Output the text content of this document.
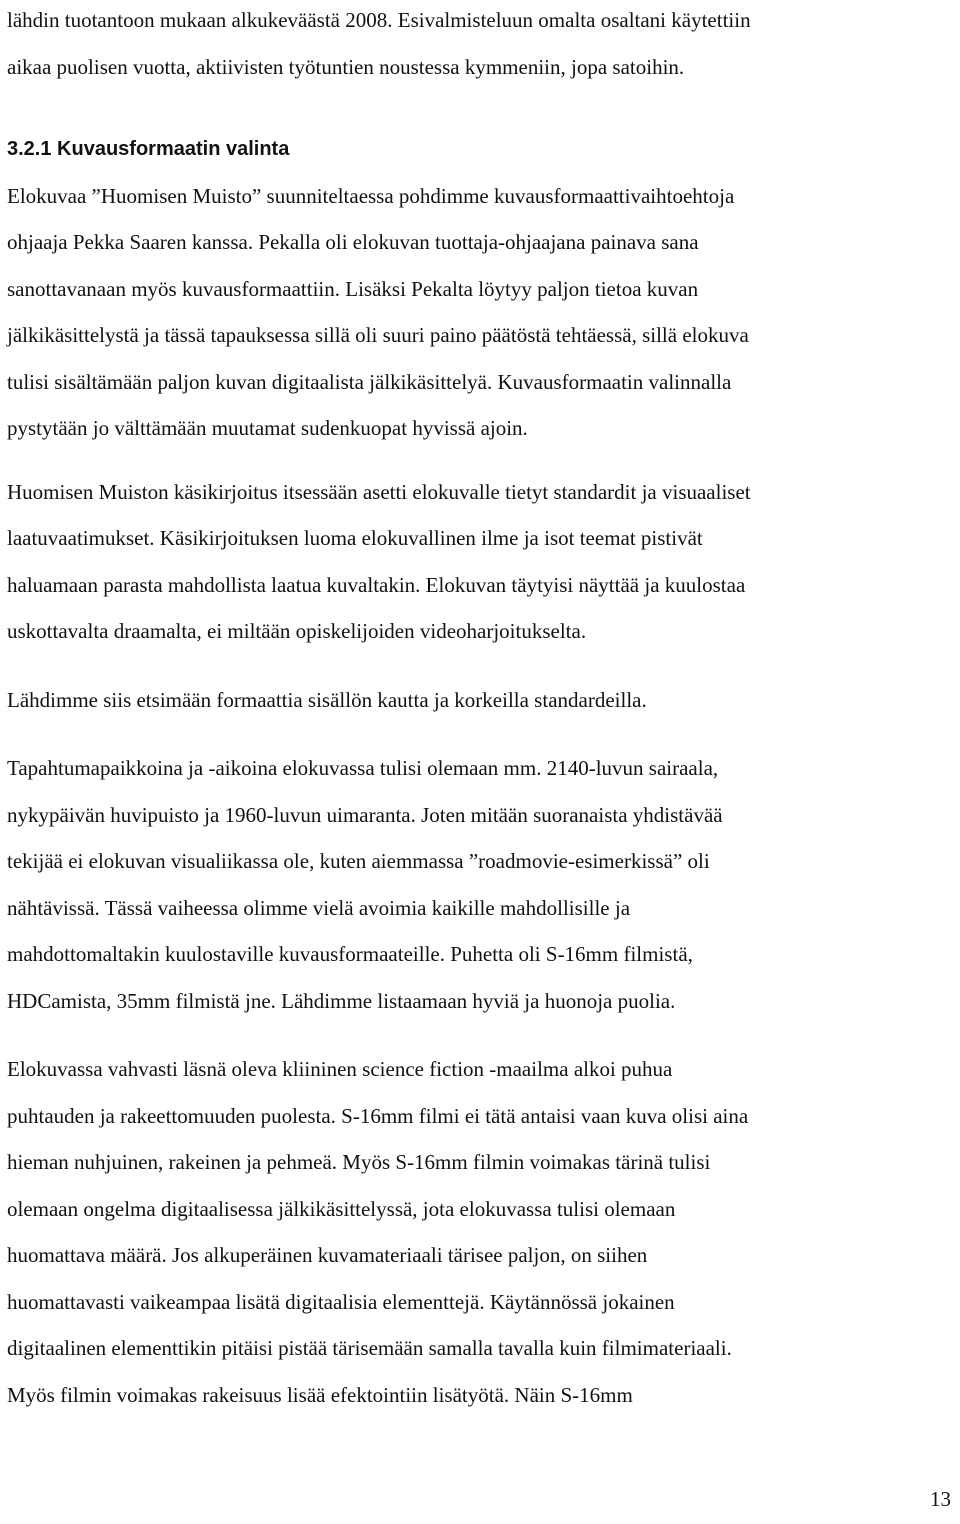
lähdin tuotantoon mukaan alkukeväästä 2008. Esivalmisteluun omalta osaltani käytettiin
aikaa puolisen vuotta, aktiivisten työtuntien noustessa kymmeniin, jopa satoihin.
3.2.1 Kuvausformaatin valinta
Elokuvaa ”Huomisen Muisto” suunniteltaessa pohdimme kuvausformaattivaihtoehtoja
ohjaaja Pekka Saaren kanssa. Pekalla oli elokuvan tuottaja-ohjaajana painava sana
sanottavanaan myös kuvausformaattiin. Lisäksi Pekalta löytyy paljon tietoa kuvan
jälkikäsittelystä ja tässä tapauksessa sillä oli suuri paino päätöstä tehtäessä, sillä elokuva
tulisi sisältämään paljon kuvan digitaalista jälkikäsittelyä. Kuvausformaatin valinnalla
pystytään jo välttämään muutamat sudenkuopat hyvissä ajoin.
Huomisen Muiston käsikirjoitus itsessään asetti elokuvalle tietyt standardit ja visuaaliset
laatuvaatimukset. Käsikirjoituksen luoma elokuvallinen ilme ja isot teemat pistivät
haluamaan parasta mahdollista laatua kuvaltakin. Elokuvan täytyisi näyttää ja kuulostaa
uskottavalta draamalta, ei miltään opiskelijoiden videoharjoitukselta.
Lähdimme siis etsimään formaattia sisällön kautta ja korkeilla standardeilla.
Tapahtumapaikkoina ja -aikoina elokuvassa tulisi olemaan mm. 2140-luvun sairaala,
nykypäivän huvipuisto ja 1960-luvun uimaranta. Joten mitään suoranaista yhdistävää
tekijää ei elokuvan visualiikassa ole, kuten aiemmassa ”roadmovie-esimerkissä” oli
nähtävissä. Tässä vaiheessa olimme vielä avoimia kaikille mahdollisille ja
mahdottomaltakin kuulostaville kuvausformaateille. Puhetta oli S-16mm filmistä,
HDCamista, 35mm filmistä jne. Lähdimme listaamaan hyviä ja huonoja puolia.
Elokuvassa vahvasti läsnä oleva kliininen science fiction -maailma alkoi puhua
puhtauden ja rakeettomuuden puolesta. S-16mm filmi ei tätä antaisi vaan kuva olisi aina
hieman nuhjuinen, rakeinen ja pehmeä. Myös S-16mm filmin voimakas tärinä tulisi
olemaan ongelma digitaalisessa jälkikäsittelyssä, jota elokuvassa tulisi olemaan
huomattava määrä. Jos alkuperäinen kuvamateriaali tärisee paljon, on siihen
huomattavasti vaikeampaa lisätä digitaalisia elementtejä. Käytännössä jokainen
digitaalinen elementtikin pitäisi pistää tärisemään samalla tavalla kuin filmimateriaali.
Myös filmin voimakas rakeisuus lisää efektointiin lisätyötä. Näin S-16mm
13
